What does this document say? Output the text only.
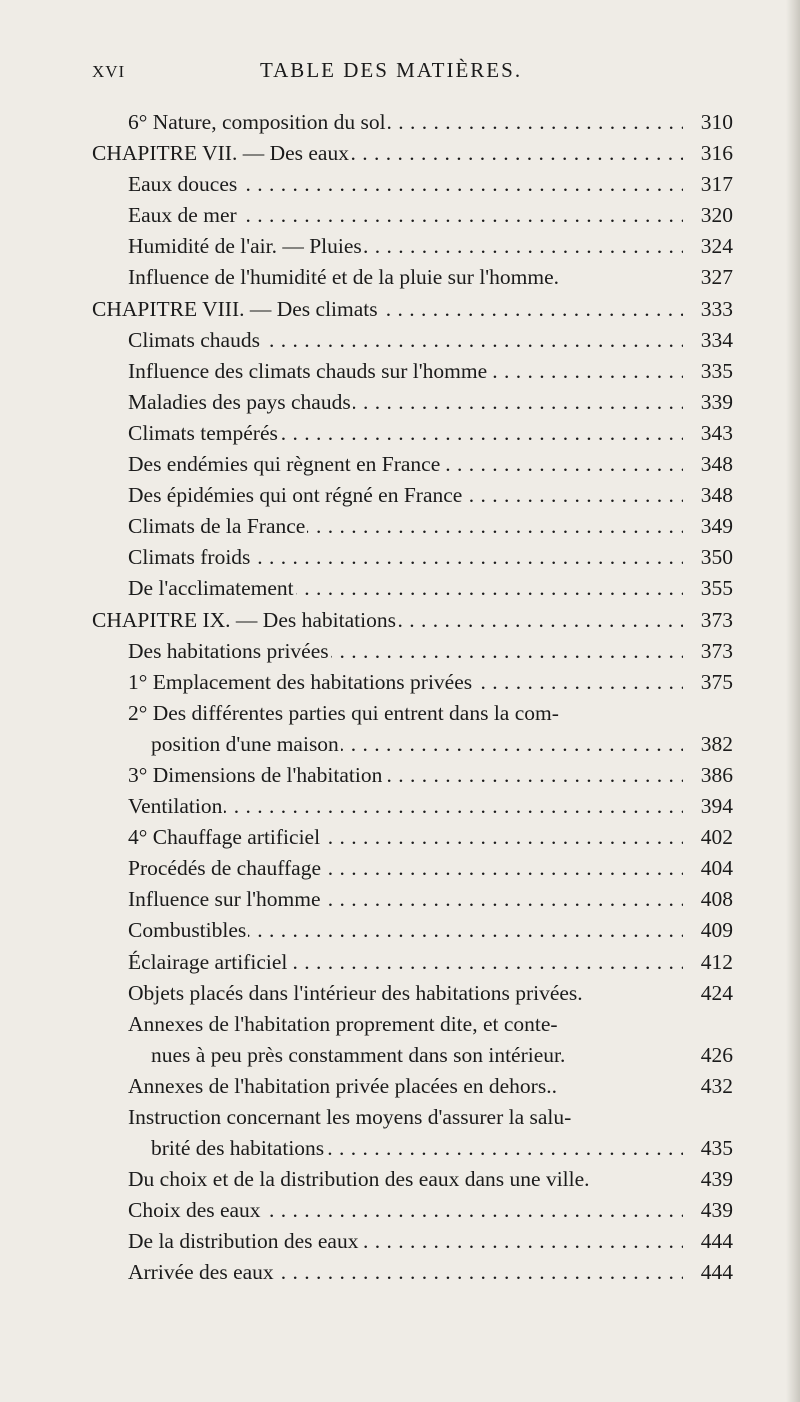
XVI	TABLE DES MATIÈRES.
6° Nature, composition du sol . . .	310
CHAPITRE VII. — Des eaux . . .	316
Eaux douces . . .	317
Eaux de mer . . .	320
Humidité de l'air. — Pluies . . .	324
Influence de l'humidité et de la pluie sur l'homme.	327
CHAPITRE VIII. — Des climats . . .	333
Climats chauds . . .	334
Influence des climats chauds sur l'homme . . .	335
Maladies des pays chauds . . .	339
Climats tempérés . . .	343
Des endémies qui règnent en France . . .	348
Des épidémies qui ont régné en France . . .	348
Climats de la France . . .	349
Climats froids . . .	350
De l'acclimatement . . .	355
CHAPITRE IX. — Des habitations . . .	373
Des habitations privées . . .	373
1° Emplacement des habitations privées . . .	375
2° Des différentes parties qui entrent dans la com-
position d'une maison . . .	382
3° Dimensions de l'habitation . . .	386
Ventilation . . .	394
4° Chauffage artificiel . . .	402
Procédés de chauffage . . .	404
Influence sur l'homme . . .	408
Combustibles . . .	409
Éclairage artificiel . . .	412
Objets placés dans l'intérieur des habitations privées.	424
Annexes de l'habitation proprement dite, et conte-
nues à peu près constamment dans son intérieur.	426
Annexes de l'habitation privée placées en dehors..	432
Instruction concernant les moyens d'assurer la salu-
brité des habitations . . .	435
Du choix et de la distribution des eaux dans une ville.	439
Choix des eaux . . .	439
De la distribution des eaux . . .	444
Arrivée des eaux . . .	444
